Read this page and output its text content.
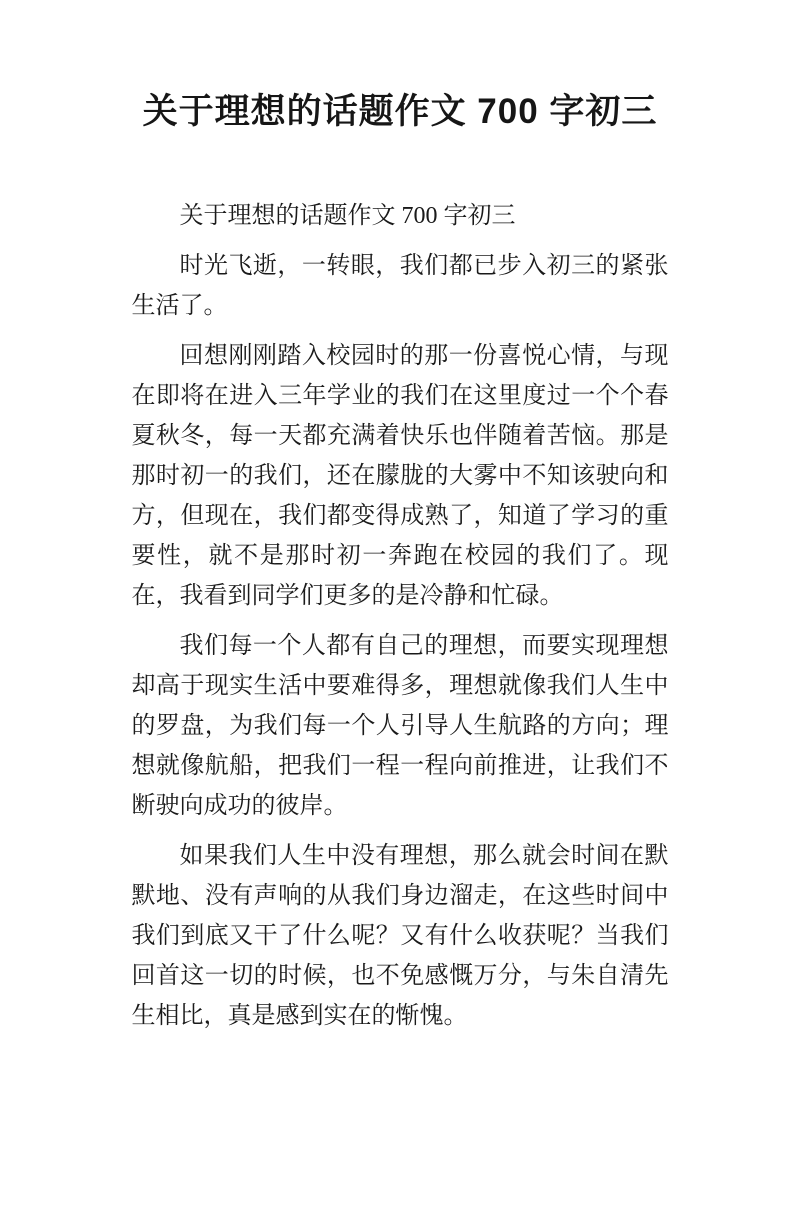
关于理想的话题作文 700 字初三

关于理想的话题作文 700 字初三

时光飞逝，一转眼，我们都已步入初三的紧张生活了。

回想刚刚踏入校园时的那一份喜悦心情，与现在即将在进入三年学业的我们在这里度过一个个春夏秋冬，每一天都充满着快乐也伴随着苦恼。那是那时初一的我们，还在朦胧的大雾中不知该驶向和方，但现在，我们都变得成熟了，知道了学习的重要性，就不是那时初一奔跑在校园的我们了。现在，我看到同学们更多的是冷静和忙碌。

我们每一个人都有自己的理想，而要实现理想却高于现实生活中要难得多，理想就像我们人生中的罗盘，为我们每一个人引导人生航路的方向；理想就像航船，把我们一程一程向前推进，让我们不断驶向成功的彼岸。

如果我们人生中没有理想，那么就会时间在默默地、没有声响的从我们身边溜走，在这些时间中我们到底又干了什么呢？又有什么收获呢？当我们回首这一切的时候，也不免感慨万分，与朱自清先生相比，真是感到实在的惭愧。
